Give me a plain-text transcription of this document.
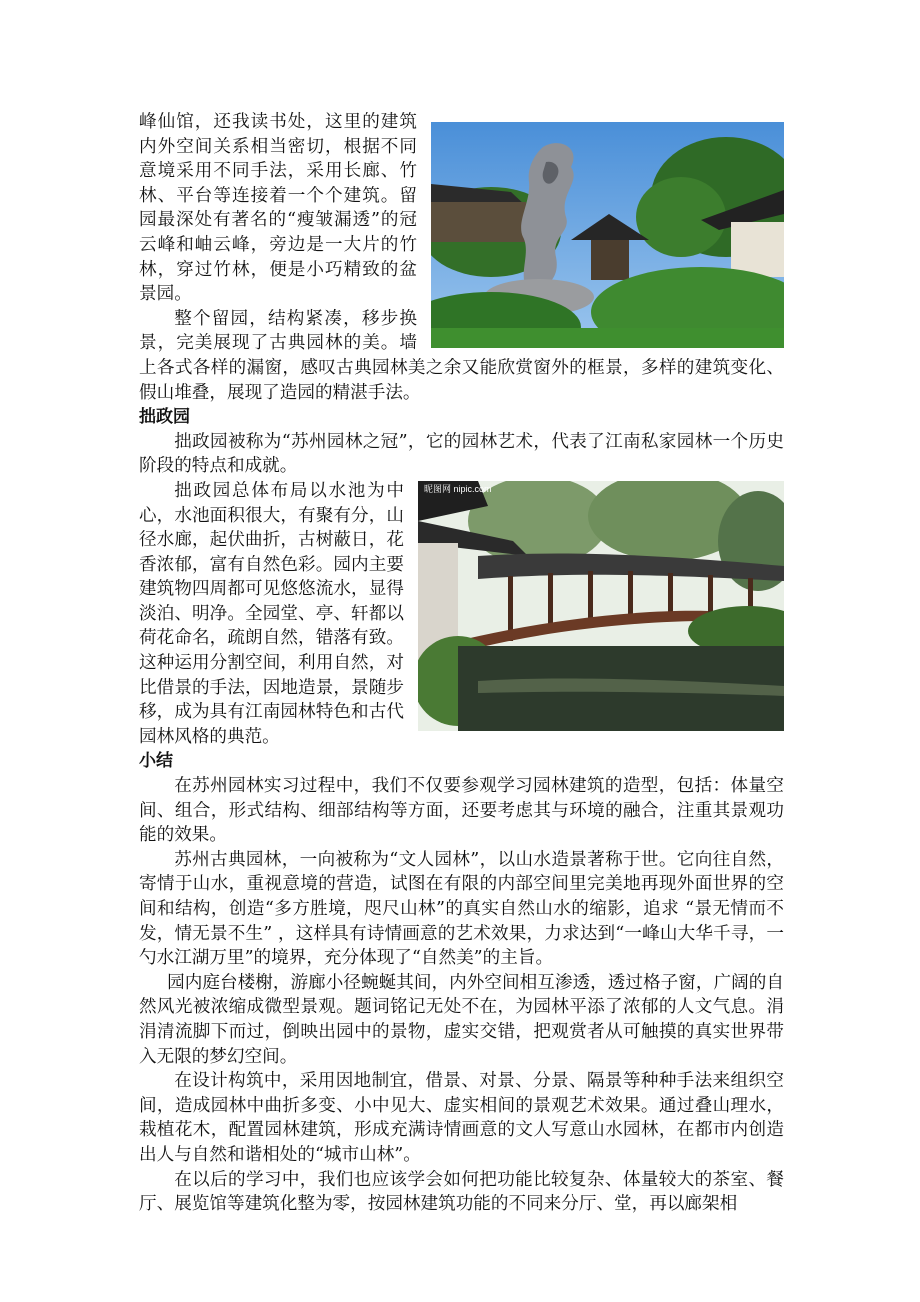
峰仙馆，还我读书处，这里的建筑内外空间关系相当密切，根据不同意境采用不同手法，采用长廊、竹林、平台等连接着一个个建筑。留园最深处有著名的“瘦皱漏透”的冠云峰和岫云峰，旁边是一大片的竹林，穿过竹林，便是小巧精致的盆景园。

整个留园，结构紧凑，移步换景，完美展现了古典园林的美。墙上各式各样的漏窗，感叹古典园林美之余又能欣赏窗外的框景，多样的建筑变化、假山堆叠，展现了造园的精湛手法。

拙政园

拙政园被称为“苏州园林之冠”，它的园林艺术，代表了江南私家园林一个历史阶段的特点和成就。

昵图网 nipic.com

拙政园总体布局以水池为中心，水池面积很大，有聚有分，山径水廊，起伏曲折，古树蔽日，花香浓郁，富有自然色彩。园内主要建筑物四周都可见悠悠流水，显得淡泊、明净。全园堂、亭、轩都以荷花命名，疏朗自然，错落有致。这种运用分割空间，利用自然，对比借景的手法，因地造景，景随步移，成为具有江南园林特色和古代园林风格的典范。

小结

在苏州园林实习过程中，我们不仅要参观学习园林建筑的造型，包括：体量空间、组合，形式结构、细部结构等方面，还要考虑其与环境的融合，注重其景观功能的效果。

苏州古典园林，一向被称为“文人园林”，以山水造景著称于世。它向往自然，寄情于山水，重视意境的营造，试图在有限的内部空间里完美地再现外面世界的空间和结构，创造“多方胜境，咫尺山林”的真实自然山水的缩影，追求 “景无情而不发，情无景不生” ，这样具有诗情画意的艺术效果，力求达到“一峰山大华千寻，一勺水江湖万里”的境界，充分体现了“自然美”的主旨。

园内庭台楼榭，游廊小径蜿蜒其间，内外空间相互渗透，透过格子窗，广阔的自然风光被浓缩成微型景观。题词铭记无处不在，为园林平添了浓郁的人文气息。涓涓清流脚下而过，倒映出园中的景物，虚实交错，把观赏者从可触摸的真实世界带入无限的梦幻空间。

在设计构筑中，采用因地制宜，借景、对景、分景、隔景等种种手法来组织空间，造成园林中曲折多变、小中见大、虚实相间的景观艺术效果。通过叠山理水，栽植花木，配置园林建筑，形成充满诗情画意的文人写意山水园林，在都市内创造出人与自然和谐相处的“城市山林”。

在以后的学习中，我们也应该学会如何把功能比较复杂、体量较大的茶室、餐厅、展览馆等建筑化整为零，按园林建筑功能的不同来分厅、堂，再以廊架相
